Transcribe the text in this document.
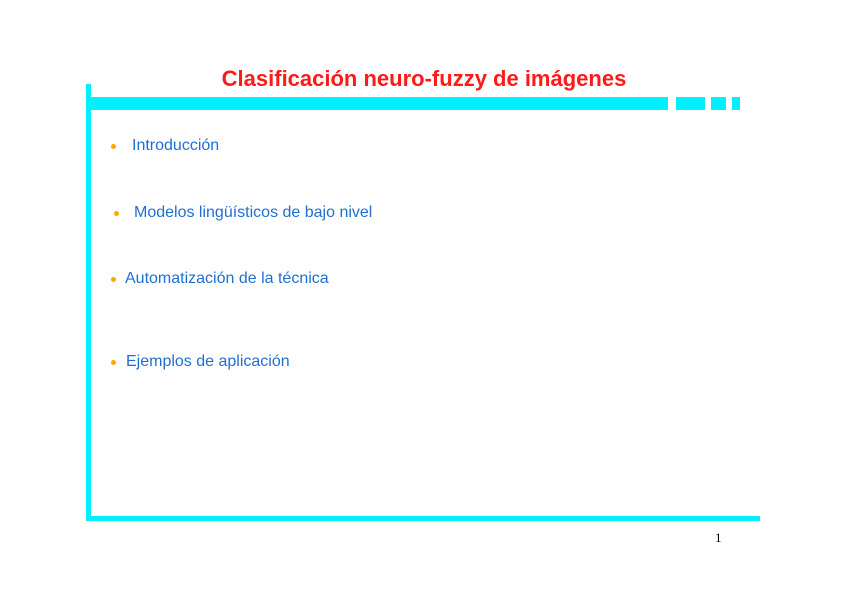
Clasificación neuro-fuzzy de imágenes
Introducción
Modelos lingüísticos de bajo nivel
Automatización de la técnica
Ejemplos de aplicación
1
